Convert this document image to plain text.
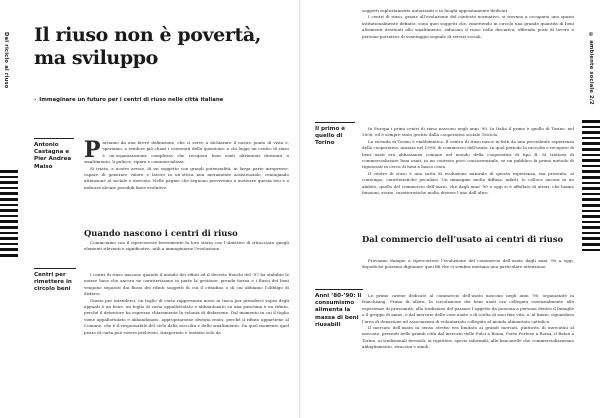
Dal riciclo al riuso Il riuso non è povertà, ma sviluppo
› Immaginare un futuro per i centri di riuso nelle città italiane
Antonio Castagna e Pier Andrea Maiso
P artiamo da una breve definizione, che ci serve a dichiarare il nostro punto di vista e, speriamo, a rendere più chiari i contenuti della questione: a chi legge un centro di riuso è un’organizzazione complessa che recupera beni usati altrimenti destinati a smaltimento, li pulisce, ripara e commercializza.

Si tratta, a nostro avviso, di un soggetto con grandi potenzialità, in larga parte inespresse, capace di generare valore e lavoro in un’ottica non meramente assistenziale, coniugando attenzione al sociale e mercato. Nelle pagine che seguono proveremo a motivare questa tesi e a indicare alcune possibili linee evolutive.

Quando nascono i centri di riuso

Cominciamo con il ripercorrere brevemente la loro storia con l’obiettivo di ritracciare quegli elementi rilevanti e significativi, utili a immaginarne l’evoluzione.

Centri per rimettere in circolo beni

I centri di riuso nascono quando il mondo dei rifiuti ed il decreto Ronchi del ’97 ha stabilito le norme base che ancora ne caratterizzano in parte la gestione: prende forma e i flussi dei beni vengono separati dai flussi dei rifiuti soggetti di cui il cittadino o di cui abbiamo l’obbligo di disfarci.

Giusto per intenderci, un foglio di carta rappresenta meso in tasca per prendercì sopra degli appunti è un bene, un foglio di carta appallottolato e abbandonato su una panchina è un rifiuto, perché il detentore ha espresso chiaramente la volontà di disfarsene. Dal momento in cui il foglio viene appallottolato e abbandonato, appropriarsene diventa reato, perché il rifiuto appartiene al Comune, che è il responsabile del ciclo della raccolta e dello smaltimento. Da quel momento quel pezzo di carta può essere prelevato, trasportato e trattato solo da

© ambiente sociale 2/2

soggetti esplicitamente autorizzati e in luoghi appositamente dedicati.

I centri di riuso, grazie all’evoluzione del contesto normativo, si trovano a occuparsi uno spazio intitutionalmente definito: sono quei soggetti che, rimettendo in circolo una grande quantità di beni altrimenti destinati allo smaltimento, riducono il riuso nella discarica, offrendo posti di lavoro a persone portatrici di svantaggio segnale di servizi sociali.

Il primo è quello di Torino

In Europa i primi centri di riuso nascono negli anni ’90. In Italia il primo è quello di Torino, nel 2006, ed è sempre stato gestito dalla cooperativa sociale Triciclo.

La vicenda di Torino è emblematica. Il centro di riuso nasce in-fatti da una precedente esperienza della cooperativa, iniziata nel 1998, di commercio dell’usato. In quel periodo la raccolta e recupero di beni usati era abbastanza comune nel mondo della cooperativa di tipo B. Si trattava di commercializzare beni usati, in un contesto poco concorrenziale, se un pubblico fa primo metodo di rigenerati in cerca di beni a basso costo.

Il centro di riuso è una sorta di evoluzione naturale di questa esperienza, ma presenta, al contempo, caratteristiche peculiari. Un immagine molto diffusa, infatti, lo colloca ancora in un ambito, quello del commercio dell’usato, che dagli anni ’90 a oggi si è affollato di attori, che hanno funzioni, storie, caratteristiche molto diverse l’uno dall’altro.

Dal commercio dell’usato ai centri di riuso

Proviamo dunque a ripercorrere l’evoluzione del commercio dell’usato dagli anni ’90 a oggi, dopodiché potremo digiunare quei fili che ci sembra mettano una particolare attenzione.

Anni ’80-’90: il consumismo alimenta la massa di beni riusabili

Le prime catene dedicate al commercio dell’usato nascono negli anni ’90, organizzate in franchising. Prima di allora, la circolazione dei beni usati era collegata essenzialmente alle esperienze di prossimità, alla tradizione del passare l’oggetto da persona a persona dentro il famiglie o il gruppo di amici, e dal mercato delle cose usate o di scelta di suoi fine vita, o, al limite, riguardava l’area di donazione ad associazioni di volontariato collegate al mondo alimentato cattolico.

Il mercato dell’usato in senso stretto era limitato ai grandi mercati, piuttosto di mercatini al mercato, presenti nelle grandi città dal mercato delle Pulci a Roma, Porta Portese a Roma, il Balon a Torino, ai tradizionali ferraioli, ai rigattieri, specie informali, alle bancarelle che commercializzavano abbigliamento, stracciai e simili.
